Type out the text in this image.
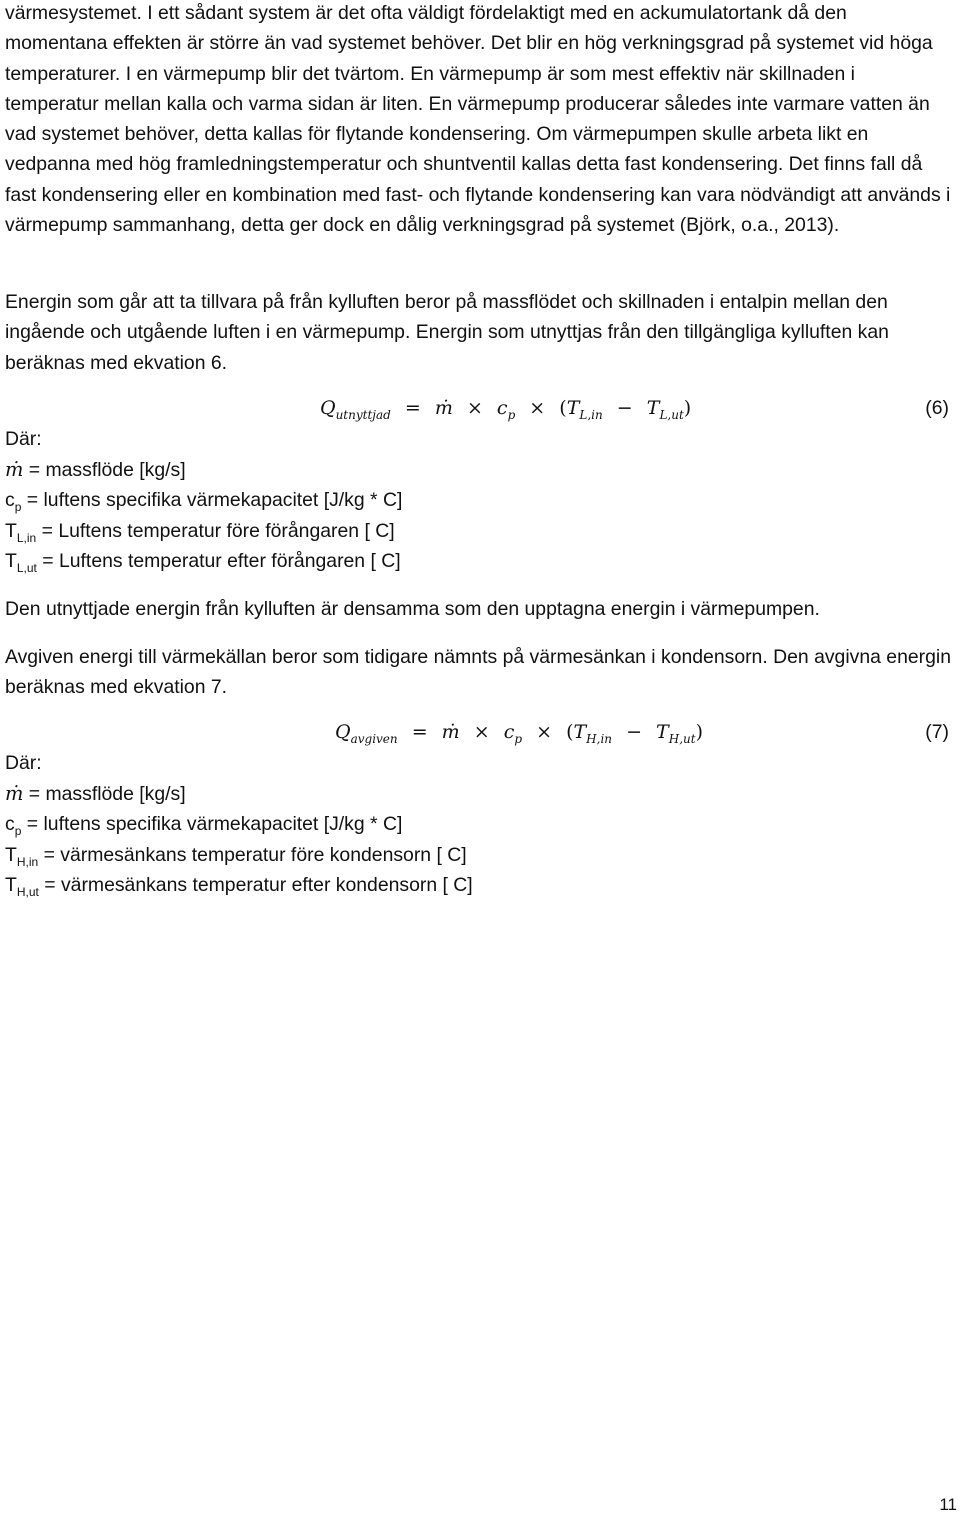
värmesystemet. I ett sådant system är det ofta väldigt fördelaktigt med en ackumulatortank då den momentana effekten är större än vad systemet behöver. Det blir en hög verkningsgrad på systemet vid höga temperaturer. I en värmepump blir det tvärtom. En värmepump är som mest effektiv när skillnaden i temperatur mellan kalla och varma sidan är liten. En värmepump producerar således inte varmare vatten än vad systemet behöver, detta kallas för flytande kondensering. Om värmepumpen skulle arbeta likt en vedpanna med hög framledningstemperatur och shuntventil kallas detta fast kondensering. Det finns fall då fast kondensering eller en kombination med fast- och flytande kondensering kan vara nödvändigt att används i värmepump sammanhang, detta ger dock en dålig verkningsgrad på systemet (Björk, o.a., 2013).

Energin som går att ta tillvara på från kylluften beror på massflödet och skillnaden i entalpin mellan den ingående och utgående luften i en värmepump. Energin som utnyttjas från den tillgängliga kylluften kan beräknas med ekvation 6.

$Q_{utnyttjad}$ = ṁ × $c_p \times (T_{L,in} - T_{L,ut})$	(6)
Där:
ṁ = massflöde [kg/s]
$c_p$ = luftens specifika värmekapacitet [J/kg * C]
$T_{L,in}$ = Luftens temperatur före förångaren [ C]
$T_{L,ut}$ = Luftens temperatur efter förångaren [ C]

Den utnyttjade energin från kylluften är densamma som den upptagna energin i värmepumpen.

Avgiven energi till värmekällan beror som tidigare nämnts på värmesänkan i kondensorn. Den avgivna energin beräknas med ekvation 7.

$Q_{avgiven}$ = ṁ × $c_p \times (T_{H,in} - T_{H,ut})$	(7)
Där:
ṁ = massflöde [kg/s]
$c_p$ = luftens specifika värmekapacitet [J/kg * C]
$T_{H,in}$ = värmesänkans temperatur före kondensorn [ C]
$T_{H,ut}$ = värmesänkans temperatur efter kondensorn [ C]
11
